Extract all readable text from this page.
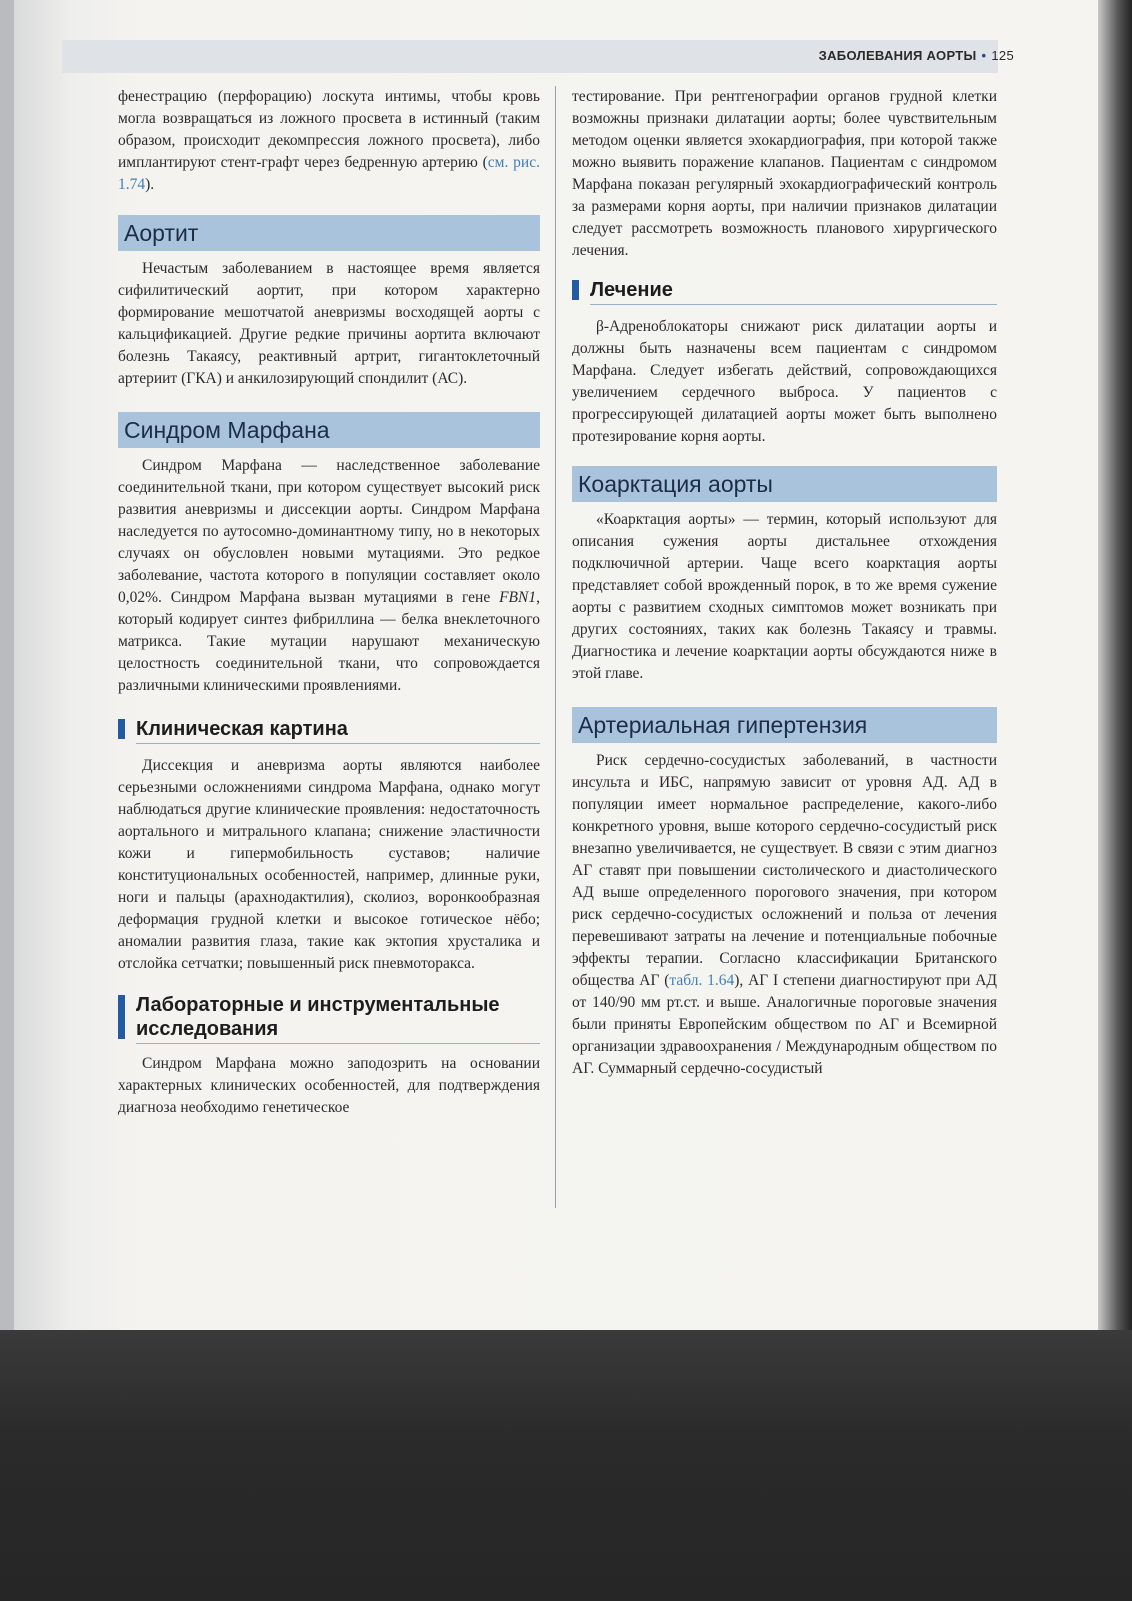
ЗАБОЛЕВАНИЯ АОРТЫ • 125

фенестрацию (перфорацию) лоскута интимы, чтобы кровь могла возвращаться из ложного просвета в истинный (таким образом, происходит декомпрессия ложного просвета), либо имплантируют стент-графт через бедренную артерию (см. рис. 1.74).

Аортит

Нечастым заболеванием в настоящее время является сифилитический аортит, при котором характерно формирование мешотчатой аневризмы восходящей аорты с кальцификацией. Другие редкие причины аортита включают болезнь Такаясу, реактивный артрит, гигантоклеточный артериит (ГКА) и анкилозирующий спондилит (АС).

Синдром Марфана

Синдром Марфана — наследственное заболевание соединительной ткани, при котором существует высокий риск развития аневризмы и диссекции аорты. Синдром Марфана наследуется по аутосомно-доминантному типу, но в некоторых случаях он обусловлен новыми мутациями. Это редкое заболевание, частота которого в популяции составляет около 0,02%. Синдром Марфана вызван мутациями в гене FBN1, который кодирует синтез фибриллина — белка внеклеточного матрикса. Такие мутации нарушают механическую целостность соединительной ткани, что сопровождается различными клиническими проявлениями.

Клиническая картина

Диссекция и аневризма аорты являются наиболее серьезными осложнениями синдрома Марфана, однако могут наблюдаться другие клинические проявления: недостаточность аортального и митрального клапана; снижение эластичности кожи и гипермобильность суставов; наличие конституциональных особенностей, например, длинные руки, ноги и пальцы (арахнодактилия), сколиоз, воронкообразная деформация грудной клетки и высокое готическое нёбо; аномалии развития глаза, такие как эктопия хрусталика и отслойка сетчатки; повышенный риск пневмоторакса.

Лабораторные и инструментальные
исследования

Синдром Марфана можно заподозрить на основании характерных клинических особенностей, для подтверждения диагноза необходимо генетическое

тестирование. При рентгенографии органов грудной клетки возможны признаки дилатации аорты; более чувствительным методом оценки является эхокардиография, при которой также можно выявить поражение клапанов. Пациентам с синдромом Марфана показан регулярный эхокардиографический контроль за размерами корня аорты, при наличии признаков дилатации следует рассмотреть возможность планового хирургического лечения.

Лечение

β-Адреноблокаторы снижают риск дилатации аорты и должны быть назначены всем пациентам с синдромом Марфана. Следует избегать действий, сопровождающихся увеличением сердечного выброса. У пациентов с прогрессирующей дилатацией аорты может быть выполнено протезирование корня аорты.

Коарктация аорты

«Коарктация аорты» — термин, который используют для описания сужения аорты дистальнее отхождения подключичной артерии. Чаще всего коарктация аорты представляет собой врожденный порок, в то же время сужение аорты с развитием сходных симптомов может возникать при других состояниях, таких как болезнь Такаясу и травмы. Диагностика и лечение коарктации аорты обсуждаются ниже в этой главе.

Артериальная гипертензия

Риск сердечно-сосудистых заболеваний, в частности инсульта и ИБС, напрямую зависит от уровня АД. АД в популяции имеет нормальное распределение, какого-либо конкретного уровня, выше которого сердечно-сосудистый риск внезапно увеличивается, не существует. В связи с этим диагноз АГ ставят при повышении систолического и диастолического АД выше определенного порогового значения, при котором риск сердечно-сосудистых осложнений и польза от лечения перевешивают затраты на лечение и потенциальные побочные эффекты терапии. Согласно классификации Британского общества АГ (табл. 1.64), АГ I степени диагностируют при АД от 140/90 мм рт.ст. и выше. Аналогичные пороговые значения были приняты Европейским обществом по АГ и Всемирной организации здравоохранения / Международным обществом по АГ. Суммарный сердечно-сосудистый
